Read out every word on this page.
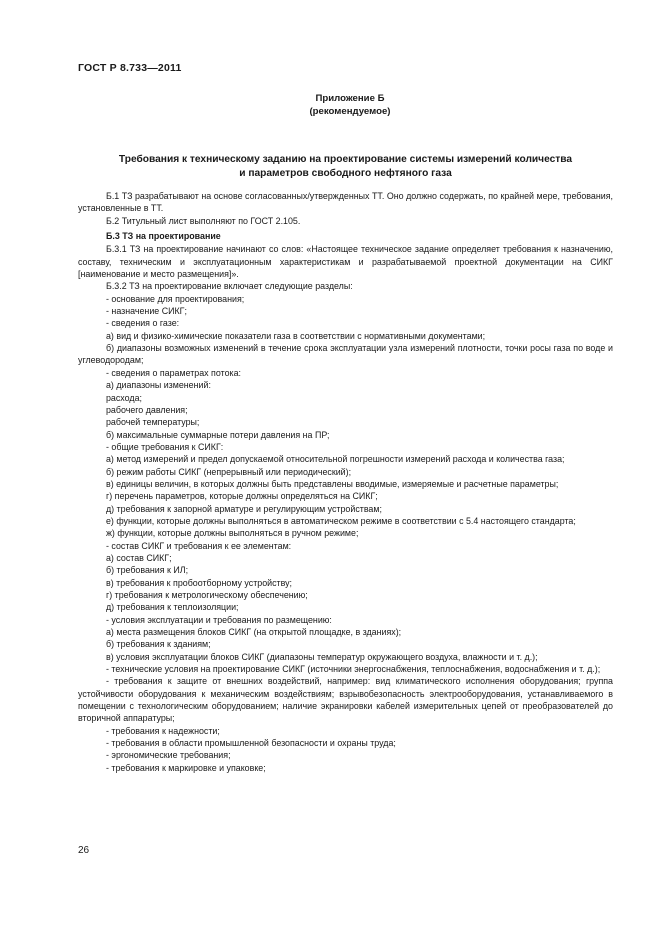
ГОСТ Р 8.733—2011
Приложение Б
(рекомендуемое)
Требования к техническому заданию на проектирование системы измерений количества
и параметров свободного нефтяного газа

Б.1 ТЗ разрабатывают на основе согласованных/утвержденных ТТ. Оно должно содержать, по крайней мере, требования, установленные в ТТ.

Б.2 Титульный лист выполняют по ГОСТ 2.105.

Б.3 ТЗ на проектирование

Б.3.1 ТЗ на проектирование начинают со слов: «Настоящее техническое задание определяет требования к назначению, составу, техническим и эксплуатационным характеристикам и разрабатываемой проектной документации на СИКГ [наименование и место размещения]».

Б.3.2 ТЗ на проектирование включает следующие разделы:

- основание для проектирования;

- назначение СИКГ;

- сведения о газе:

а) вид и физико-химические показатели газа в соответствии с нормативными документами;

б) диапазоны возможных изменений в течение срока эксплуатации узла измерений плотности, точки росы газа по воде и углеводородам;

- сведения о параметрах потока:

а) диапазоны изменений:

расхода;

рабочего давления;

рабочей температуры;

б) максимальные суммарные потери давления на ПР;

- общие требования к СИКГ:

а) метод измерений и предел допускаемой относительной погрешности измерений расхода и количества газа;

б) режим работы СИКГ (непрерывный или периодический);

в) единицы величин, в которых должны быть представлены вводимые, измеряемые и расчетные параметры;

г) перечень параметров, которые должны определяться на СИКГ;

д) требования к запорной арматуре и регулирующим устройствам;

е) функции, которые должны выполняться в автоматическом режиме в соответствии с 5.4 настоящего стандарта;

ж) функции, которые должны выполняться в ручном режиме;

- состав СИКГ и требования к ее элементам:

а) состав СИКГ;

б) требования к ИЛ;

в) требования к пробоотборному устройству;

г) требования к метрологическому обеспечению;

д) требования к теплоизоляции;

- условия эксплуатации и требования по размещению:

а) места размещения блоков СИКГ (на открытой площадке, в зданиях);

б) требования к зданиям;

в) условия эксплуатации блоков СИКГ (диапазоны температур окружающего воздуха, влажности и т. д.);

- технические условия на проектирование СИКГ (источники энергоснабжения, теплоснабжения, водоснабжения и т. д.);

- требования к защите от внешних воздействий, например: вид климатического исполнения оборудования; группа устойчивости оборудования к механическим воздействиям; взрывобезопасность электрооборудования, устанавливаемого в помещении с технологическим оборудованием; наличие экранировки кабелей измерительных цепей от преобразователей до вторичной аппаратуры;

- требования к надежности;

- требования в области промышленной безопасности и охраны труда;

- эргономические требования;

- требования к маркировке и упаковке;

26
